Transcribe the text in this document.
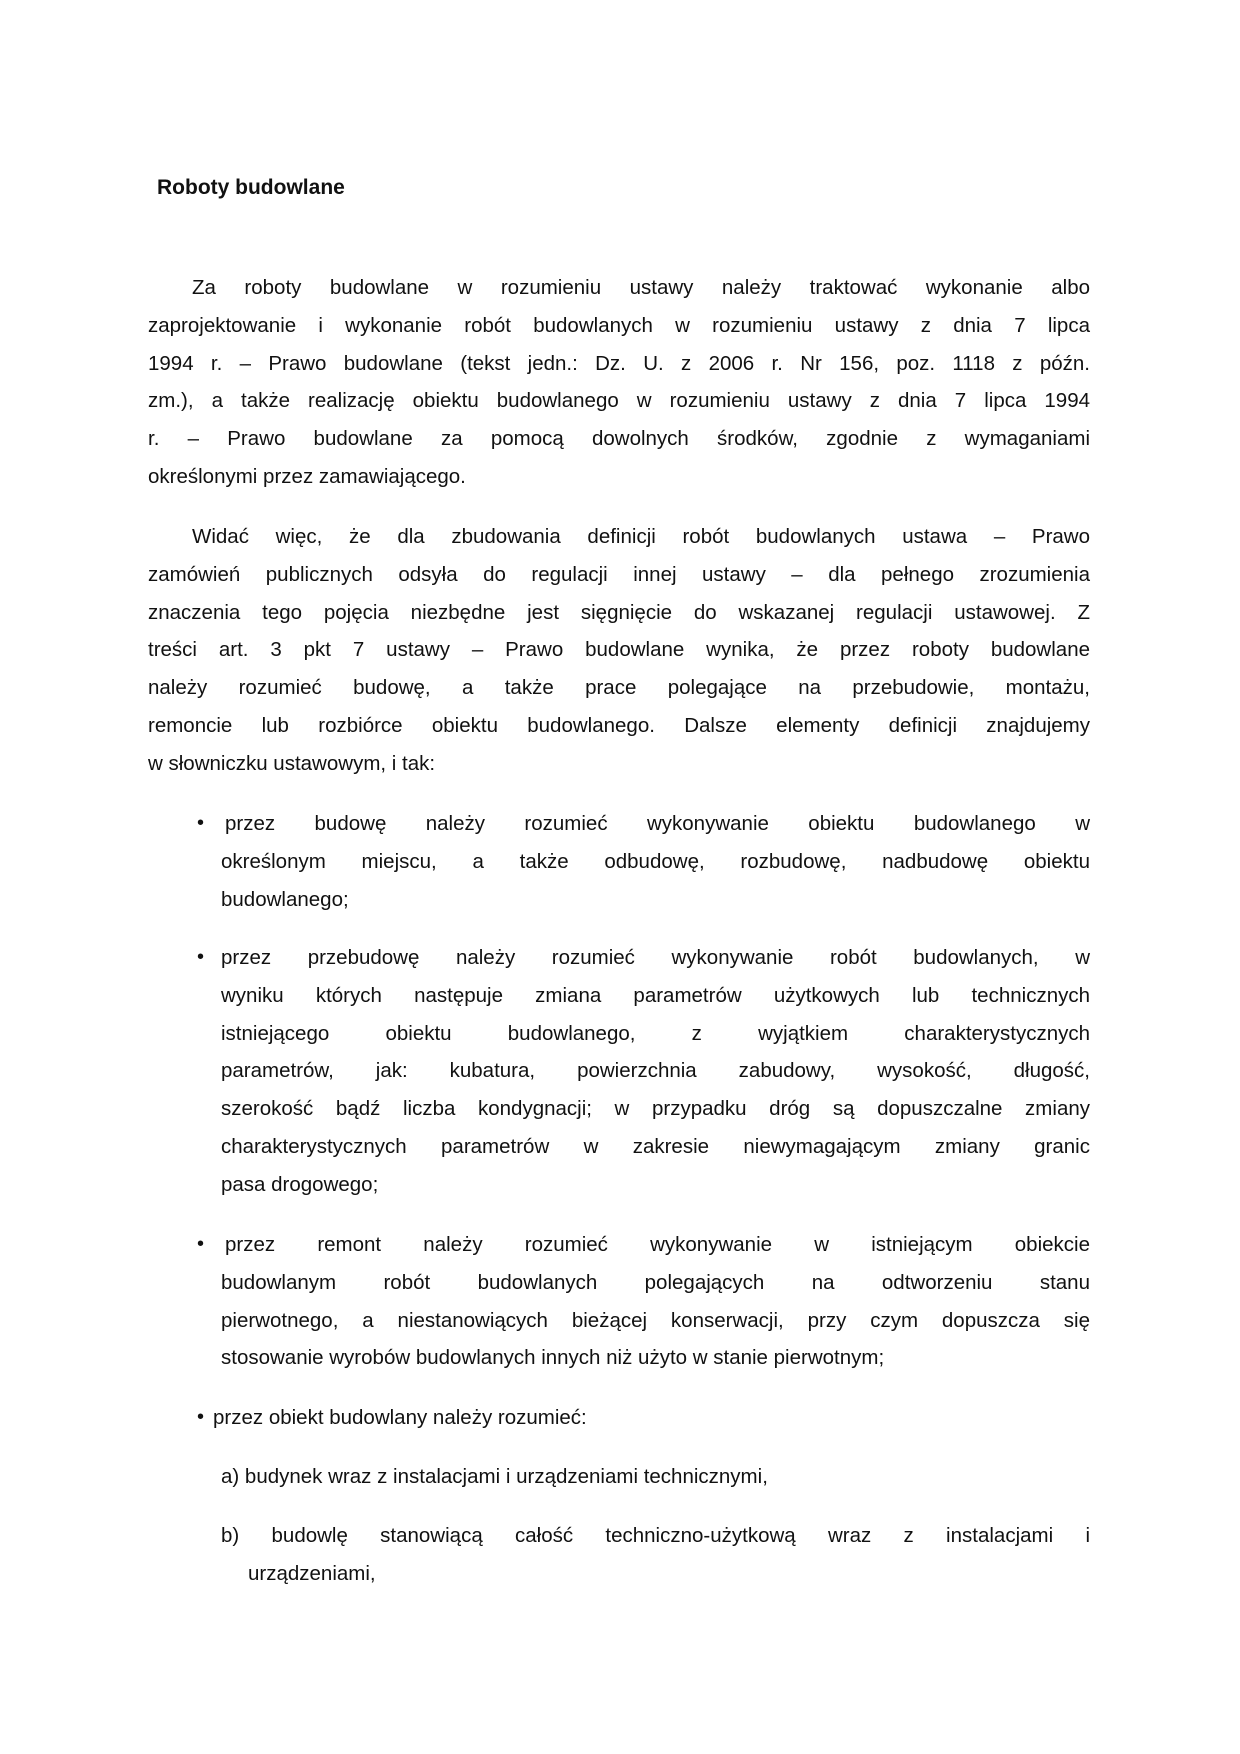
Roboty budowlane
Za roboty budowlane w rozumieniu ustawy należy traktować wykonanie albo
zaprojektowanie i wykonanie robót budowlanych w rozumieniu ustawy z dnia 7 lipca
1994 r. – Prawo budowlane (tekst jedn.: Dz. U. z 2006 r. Nr 156, poz. 1118 z późn.
zm.), a także realizację obiektu budowlanego w rozumieniu ustawy z dnia 7 lipca 1994
r. – Prawo budowlane za pomocą dowolnych środków, zgodnie z wymaganiami
określonymi przez zamawiającego.
Widać więc, że dla zbudowania definicji robót budowlanych ustawa – Prawo
zamówień publicznych odsyła do regulacji innej ustawy – dla pełnego zrozumienia
znaczenia tego pojęcia niezbędne jest sięgnięcie do wskazanej regulacji ustawowej. Z
treści art. 3 pkt 7 ustawy – Prawo budowlane wynika, że przez roboty budowlane
należy rozumieć budowę, a także prace polegające na przebudowie, montażu,
remoncie lub rozbiórce obiektu budowlanego. Dalsze elementy definicji znajdujemy
w słowniczku ustawowym, i tak:
• przez budowę należy rozumieć wykonywanie obiektu budowlanego w
określonym miejscu, a także odbudowę, rozbudowę, nadbudowę obiektu
budowlanego;
• przez przebudowę należy rozumieć wykonywanie robót budowlanych, w
wyniku których następuje zmiana parametrów użytkowych lub technicznych
istniejącego obiektu budowlanego, z wyjątkiem charakterystycznych
parametrów, jak: kubatura, powierzchnia zabudowy, wysokość, długość,
szerokość bądź liczba kondygnacji; w przypadku dróg są dopuszczalne zmiany
charakterystycznych parametrów w zakresie niewymagającym zmiany granic
pasa drogowego;
• przez remont należy rozumieć wykonywanie w istniejącym obiekcie
budowlanym robót budowlanych polegających na odtworzeniu stanu
pierwotnego, a niestanowiących bieżącej konserwacji, przy czym dopuszcza się
stosowanie wyrobów budowlanych innych niż użyto w stanie pierwotnym;
• przez obiekt budowlany należy rozumieć:
a) budynek wraz z instalacjami i urządzeniami technicznymi,
b) budowlę stanowiącą całość techniczno-użytkową wraz z instalacjami i
urządzeniami,
